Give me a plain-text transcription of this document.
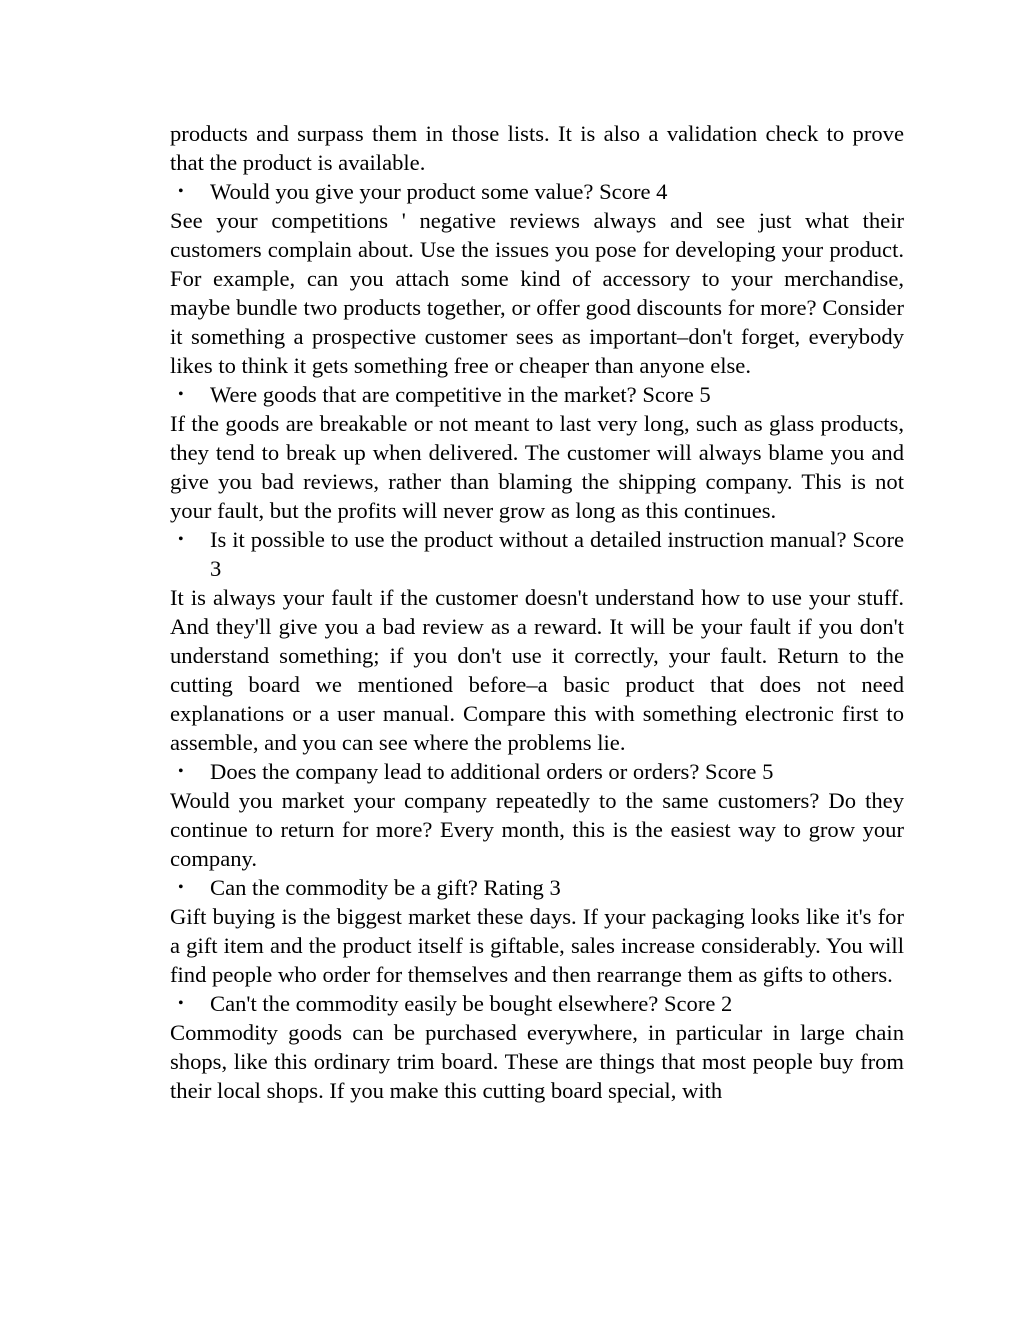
products and surpass them in those lists. It is also a validation check to prove that the product is available.

• Would you give your product some value? Score 4

See your competitions ' negative reviews always and see just what their customers complain about. Use the issues you pose for developing your product. For example, can you attach some kind of accessory to your merchandise, maybe bundle two products together, or offer good discounts for more? Consider it something a prospective customer sees as important–don't forget, everybody likes to think it gets something free or cheaper than anyone else.

• Were goods that are competitive in the market? Score 5

If the goods are breakable or not meant to last very long, such as glass products, they tend to break up when delivered. The customer will always blame you and give you bad reviews, rather than blaming the shipping company. This is not your fault, but the profits will never grow as long as this continues.

• Is it possible to use the product without a detailed instruction manual? Score 3

It is always your fault if the customer doesn't understand how to use your stuff. And they'll give you a bad review as a reward. It will be your fault if you don't understand something; if you don't use it correctly, your fault. Return to the cutting board we mentioned before–a basic product that does not need explanations or a user manual. Compare this with something electronic first to assemble, and you can see where the problems lie.

• Does the company lead to additional orders or orders? Score 5

Would you market your company repeatedly to the same customers? Do they continue to return for more? Every month, this is the easiest way to grow your company.

• Can the commodity be a gift? Rating 3

Gift buying is the biggest market these days. If your packaging looks like it's for a gift item and the product itself is giftable, sales increase considerably. You will find people who order for themselves and then rearrange them as gifts to others.

• Can't the commodity easily be bought elsewhere? Score 2

Commodity goods can be purchased everywhere, in particular in large chain shops, like this ordinary trim board. These are things that most people buy from their local shops. If you make this cutting board special, with
